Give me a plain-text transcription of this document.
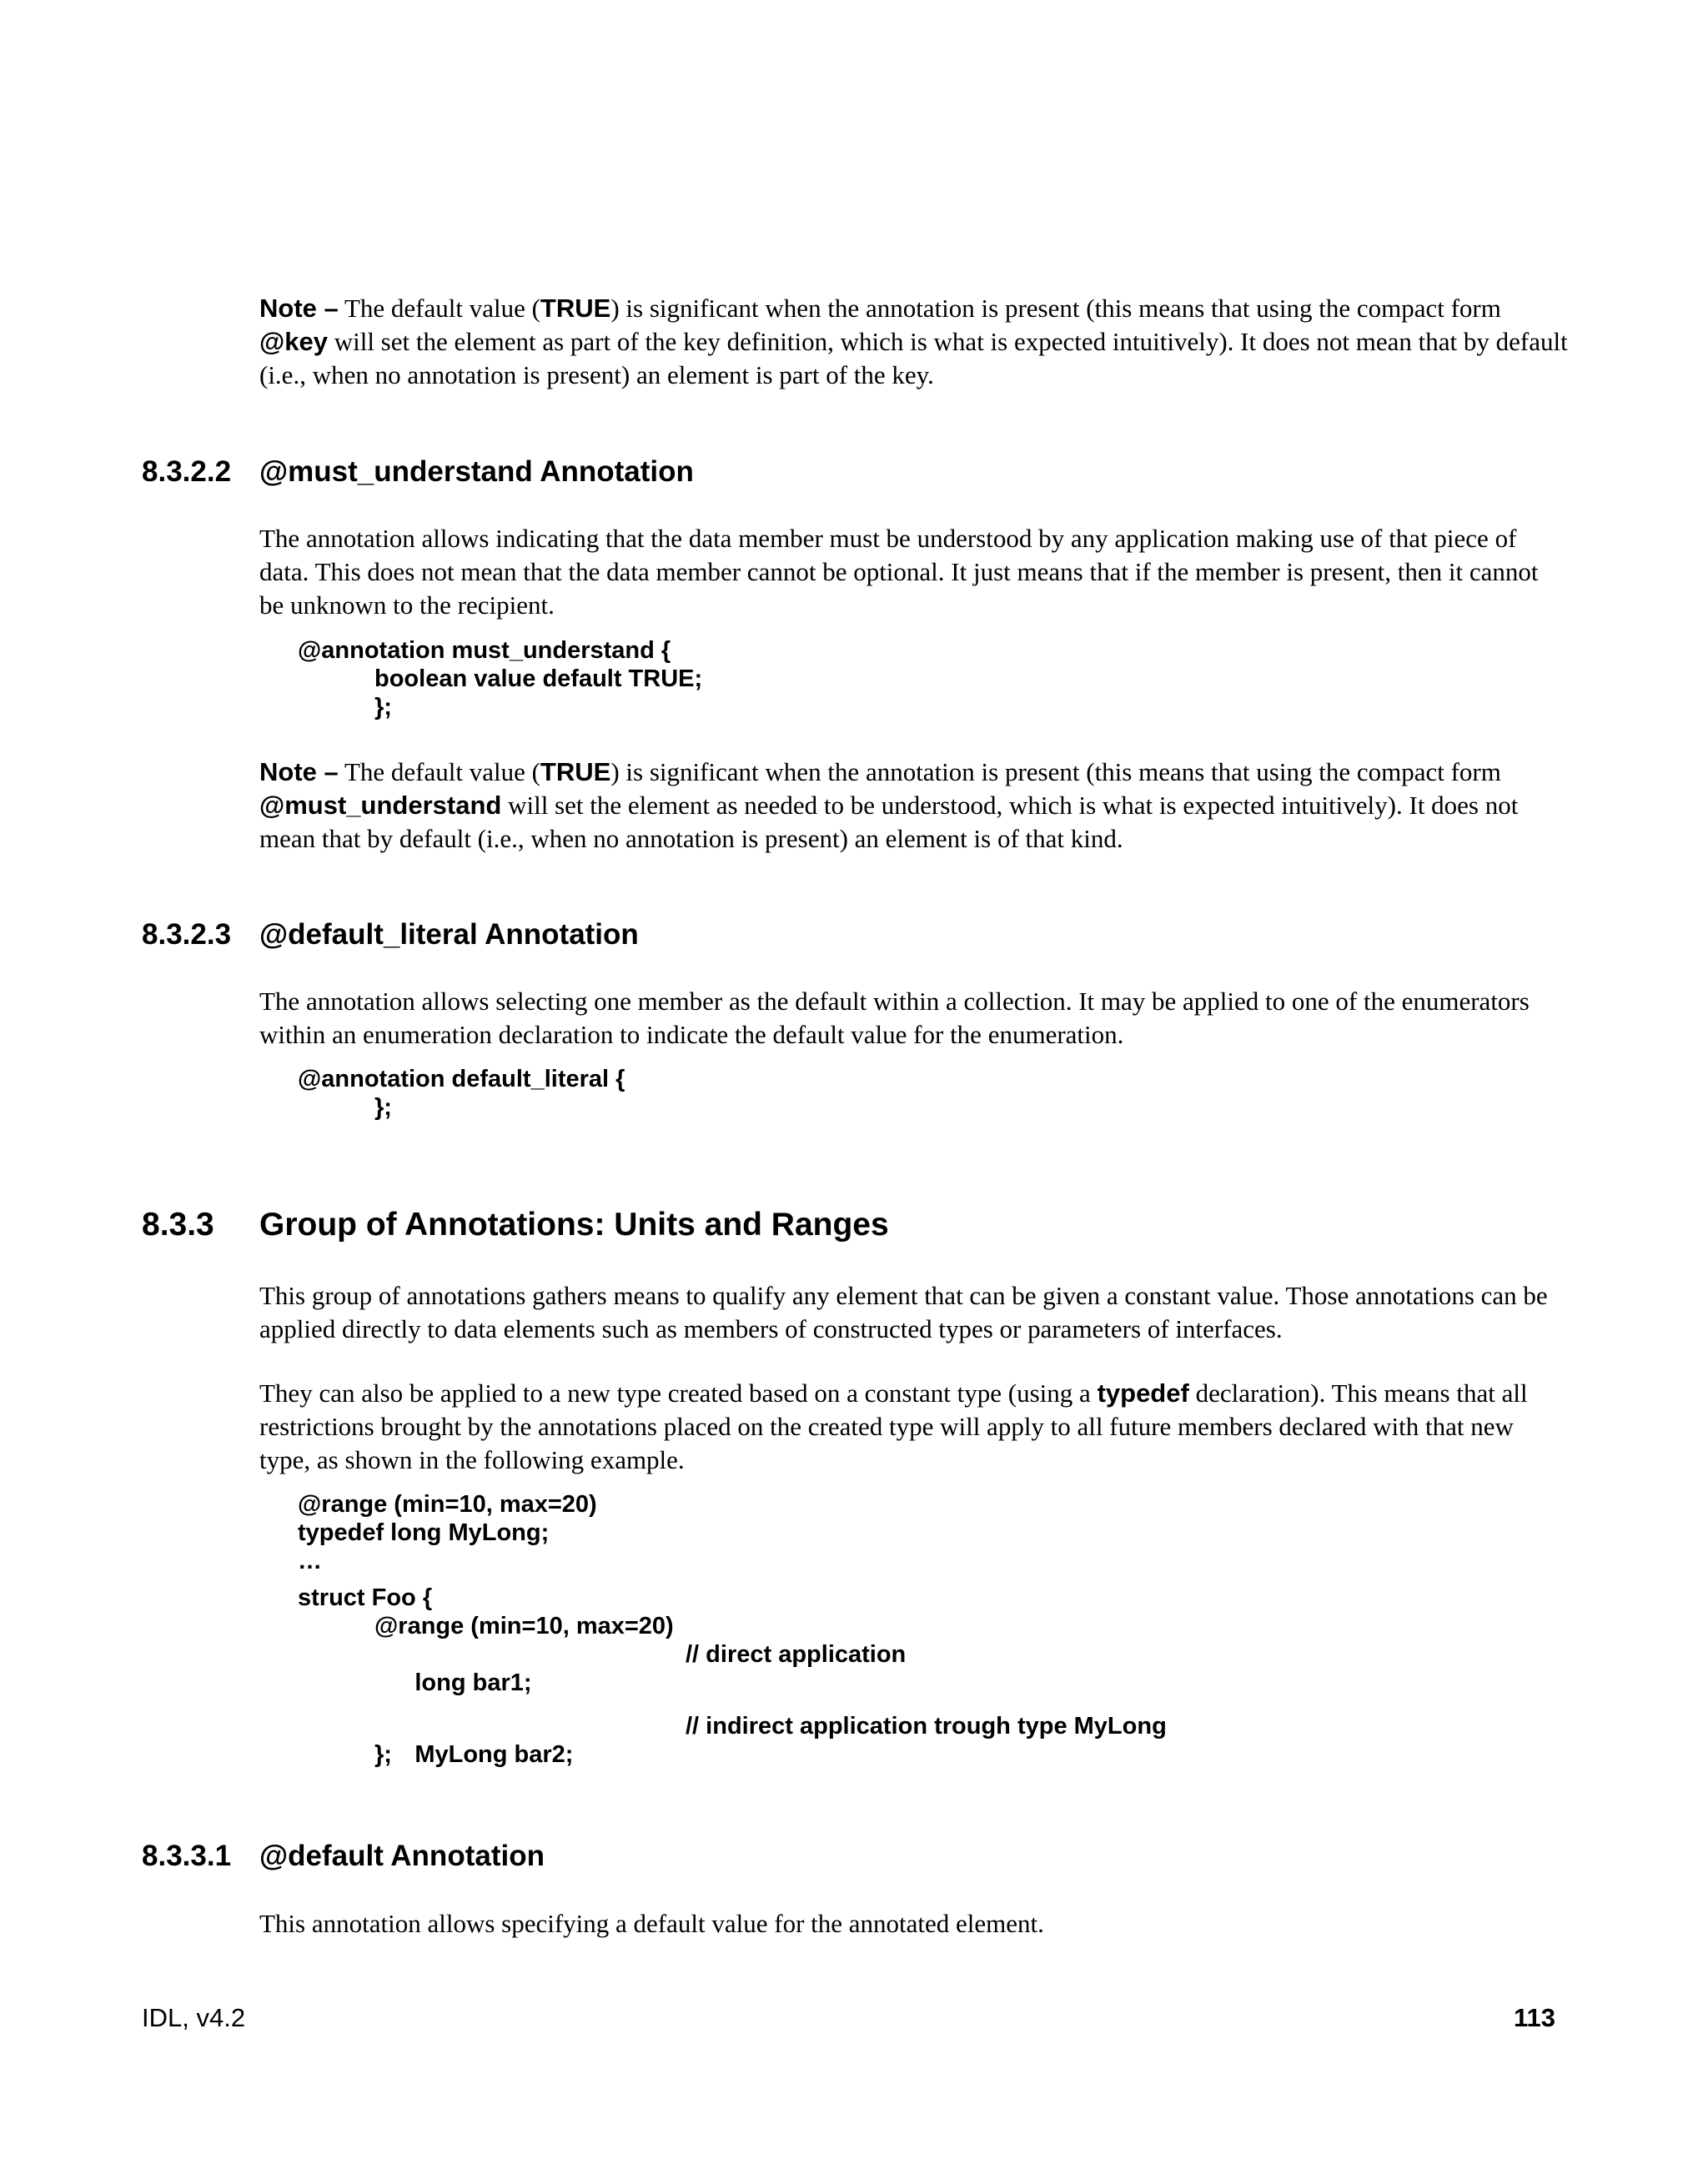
Note – The default value (TRUE) is significant when the annotation is present (this means that using the compact form @key will set the element as part of the key definition, which is what is expected intuitively). It does not mean that by default (i.e., when no annotation is present) an element is part of the key.
8.3.2.2 @must_understand Annotation
The annotation allows indicating that the data member must be understood by any application making use of that piece of data. This does not mean that the data member cannot be optional. It just means that if the member is present, then it cannot be unknown to the recipient.
@annotation must_understand {
boolean value default TRUE;
};
Note – The default value (TRUE) is significant when the annotation is present (this means that using the compact form @must_understand will set the element as needed to be understood, which is what is expected intuitively). It does not mean that by default (i.e., when no annotation is present) an element is of that kind.
8.3.2.3 @default_literal Annotation
The annotation allows selecting one member as the default within a collection. It may be applied to one of the enumerators within an enumeration declaration to indicate the default value for the enumeration.
@annotation default_literal {
};
8.3.3 Group of Annotations: Units and Ranges
This group of annotations gathers means to qualify any element that can be given a constant value. Those annotations can be applied directly to data elements such as members of constructed types or parameters of interfaces.
They can also be applied to a new type created based on a constant type (using a typedef declaration). This means that all restrictions brought by the annotations placed on the created type will apply to all future members declared with that new type, as shown in the following example.
@range (min=10, max=20)
typedef long MyLong;
…
struct Foo {
@range (min=10, max=20)

long bar1;
// direct application

MyLong bar2;
// indirect application trough type MyLong

};
8.3.3.1 @default Annotation
This annotation allows specifying a default value for the annotated element.
IDL, v4.2	113
